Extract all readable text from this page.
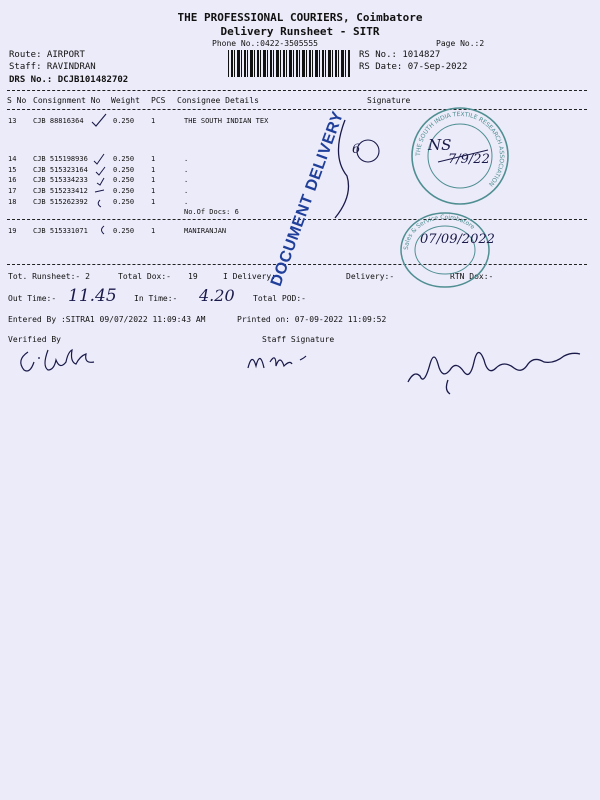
THE PROFESSIONAL COURIERS, Coimbatore
Delivery Runsheet - SITR
Phone No.:0422-3505555	Page No.:2
Route: AIRPORT
Staff: RAVINDRAN
DRS No.: DCJB101482702
RS No.: 1014827
RS Date: 07-Sep-2022
S No Consignment No Weight PCS Consignee Details	Signature
13 CJB 88816364	0.250 1	THE SOUTH INDIAN TEX
14 CJB 515198936	0.250 1	.
15 CJB 515323164	0.250 1	.
16 CJB 515334233	0.250 1	.
17 CJB 515233412	0.250 1	.
18 CJB 515262392	0.250 1	.
No.Of Docs: 6
19 CJB 515331071	0.250 1	MANIRANJAN
Tot. Runsheet:- 2	Total Dox:- 19	I Delivery:-	Delivery:-	RTN Dox:-
Out Time:- 11.45 In Time:- 4.20 Total POD:-
Entered By :SITRA1 09/07/2022 11:09:43 AM	Printed on: 07-09-2022 11:09:52
Verified By	Staff Signature
DOCUMENT DELIVERY 6	THE SOUTH INDIA TEXTILE RESEARCH ASSOCIATION
NS
7/9/22
Sales & Service Coimbatore
07/09/2022
